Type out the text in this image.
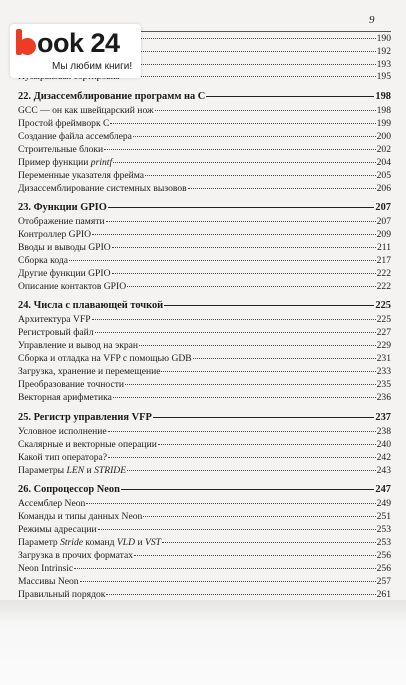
9
190
192
193
195
22. Дизассемблирование программ на С	198
GCC — он как швейцарский нож	198
Простой фреймворк С	199
Создание файла ассемблера	200
Строительные блоки	202
Пример функции printf	204
Переменные указателя фрейма	205
Дизассемблирование системных вызовов	206
23. Функции GPIO	207
Отображение памяти	207
Контроллер GPIO	209
Вводы и выводы GPIO	211
Сборка кода	217
Другие функции GPIO	222
Описание контактов GPIO	222
24. Числа с плавающей точкой	225
Архитектура VFP	225
Регистровый файл	227
Управление и вывод на экран	229
Сборка и отладка на VFP с помощью GDB	231
Загрузка, хранение и перемещение	233
Преобразование точности	235
Векторная арифметика	236
25. Регистр управления VFP	237
Условное исполнение	238
Скалярные и векторные операции	240
Какой тип оператора?	242
Параметры LEN и STRIDE	243
26. Сопроцессор Neon	247
Ассемблер Neon	249
Команды и типы данных Neon	251
Режимы адресации	253
Параметр Stride команд VLD и VST	253
Загрузка в прочих форматах	256
Neon Intrinsic	256
Массивы Neon	257
Правильный порядок	261
ook 24
Мы любим книги!
